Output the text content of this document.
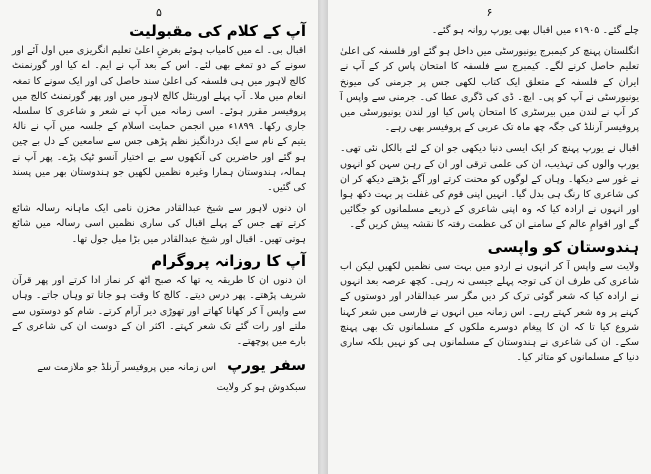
۵
آپ کے کلام کی مقبولیت

اقبال بی۔ اے میں کامیاب ہوئے بغرضِ اعلیٰ تعلیم انگریزی میں اول آئے اور سونے کے دو تمغے بھی لئے۔ اس کے بعد آپ نے ایم۔ اے کیا اور گورنمنٹ کالج لاہور میں ہی فلسفہ کی اعلیٰ سند حاصل کی اور ایک سونے کا تمغہ انعام میں ملا۔ آپ پہلے اورینٹل کالج لاہور میں اور پھر گورنمنٹ کالج میں پروفیسر مقرر ہوئے۔ اسی زمانہ میں آپ نے شعر و شاعری کا سلسلہ جاری رکھا۔ ۱۸۹۹ء میں انجمن حمایت اسلام کے جلسہ میں آپ نے نالۂ یتیم کے نام سے ایک دردانگیز نظم پڑھی جس سے سامعین کے دل بے چین ہو گئے اور حاضرین کی آنکھوں سے بے اختیار آنسو ٹپک پڑے۔ پھر آپ نے ہمالہ، ہندوستان ہمارا وغیرہ نظمیں لکھیں جو ہندوستان بھر میں پسند کی گئیں۔

ان دنوں لاہور سے شیخ عبدالقادر مخزن نامی ایک ماہانہ رسالہ شائع کرتے تھے جس کے پہلے اقبال کی ساری نظمیں اسی رسالہ میں شائع ہوتی تھیں۔ اقبال اور شیخ عبدالقادر میں بڑا میل جول تھا۔

آپ کا روزانہ پروگرام

ان دنوں ان کا طریقہ یہ تھا کہ صبح اٹھ کر نماز ادا کرتے اور پھر قرآن شریف پڑھتے۔ پھر درس دیتے۔ کالج کا وقت ہو جاتا تو وہاں جاتے۔ وہاں سے واپس آ کر کھانا کھاتے اور تھوڑی دیر آرام کرتے۔ شام کو دوستوں سے ملتے اور رات گئے تک شعر کہتے۔ اکثر ان کے دوست ان کی شاعری کے بارے میں پوچھتے۔

سفر یورپ اس زمانہ میں پروفیسر آرنلڈ جو ملازمت سے سبکدوش ہو کر ولایت
۶

چلے گئے۔ ۱۹۰۵ء میں اقبال بھی یورپ روانہ ہو گئے۔

انگلستان پہنچ کر کیمبرج یونیورسٹی میں داخل ہو گئے اور فلسفہ کی اعلیٰ تعلیم حاصل کرنے لگے۔ کیمبرج سے فلسفہ کا امتحان پاس کر کے آپ نے ایران کے فلسفہ کے متعلق ایک کتاب لکھی جس پر جرمنی کی میونخ یونیورسٹی نے آپ کو پی۔ ایچ۔ ڈی کی ڈگری عطا کی۔ جرمنی سے واپس آ کر آپ نے لندن میں بیرسٹری کا امتحان پاس کیا اور لندن یونیورسٹی میں پروفیسر آرنلڈ کی جگہ چھ ماہ تک عربی کے پروفیسر بھی رہے۔

اقبال نے یورپ پہنچ کر ایک ایسی دنیا دیکھی جو ان کے لئے بالکل نئی تھی۔ یورپ والوں کی تہذیب، ان کی علمی ترقی اور ان کے رہن سہن کو انہوں نے غور سے دیکھا۔ وہاں کے لوگوں کو محنت کرتے اور آگے بڑھتے دیکھ کر ان کی شاعری کا رنگ ہی بدل گیا۔ انہیں اپنی قوم کی غفلت پر بہت دکھ ہوا اور انہوں نے ارادہ کیا کہ وہ اپنی شاعری کے ذریعے مسلمانوں کو جگائیں گے اور اقوامِ عالم کے سامنے ان کی عظمت رفتہ کا نقشہ پیش کریں گے۔

ہندوستان کو واپسی

ولایت سے واپس آ کر انہوں نے اردو میں بہت سی نظمیں لکھیں لیکن اب شاعری کی طرف ان کی توجہ پہلے جیسی نہ رہی۔ کچھ عرصہ بعد انہوں نے ارادہ کیا کہ شعر گوئی ترک کر دیں مگر سر عبدالقادر اور دوستوں کے کہنے پر وہ شعر کہتے رہے۔ اس زمانہ میں انہوں نے فارسی میں شعر کہنا شروع کیا تا کہ ان کا پیغام دوسرے ملکوں کے مسلمانوں تک بھی پہنچ سکے۔ ان کی شاعری نے ہندوستان کے مسلمانوں ہی کو نہیں بلکہ ساری دنیا کے مسلمانوں کو متاثر کیا۔
